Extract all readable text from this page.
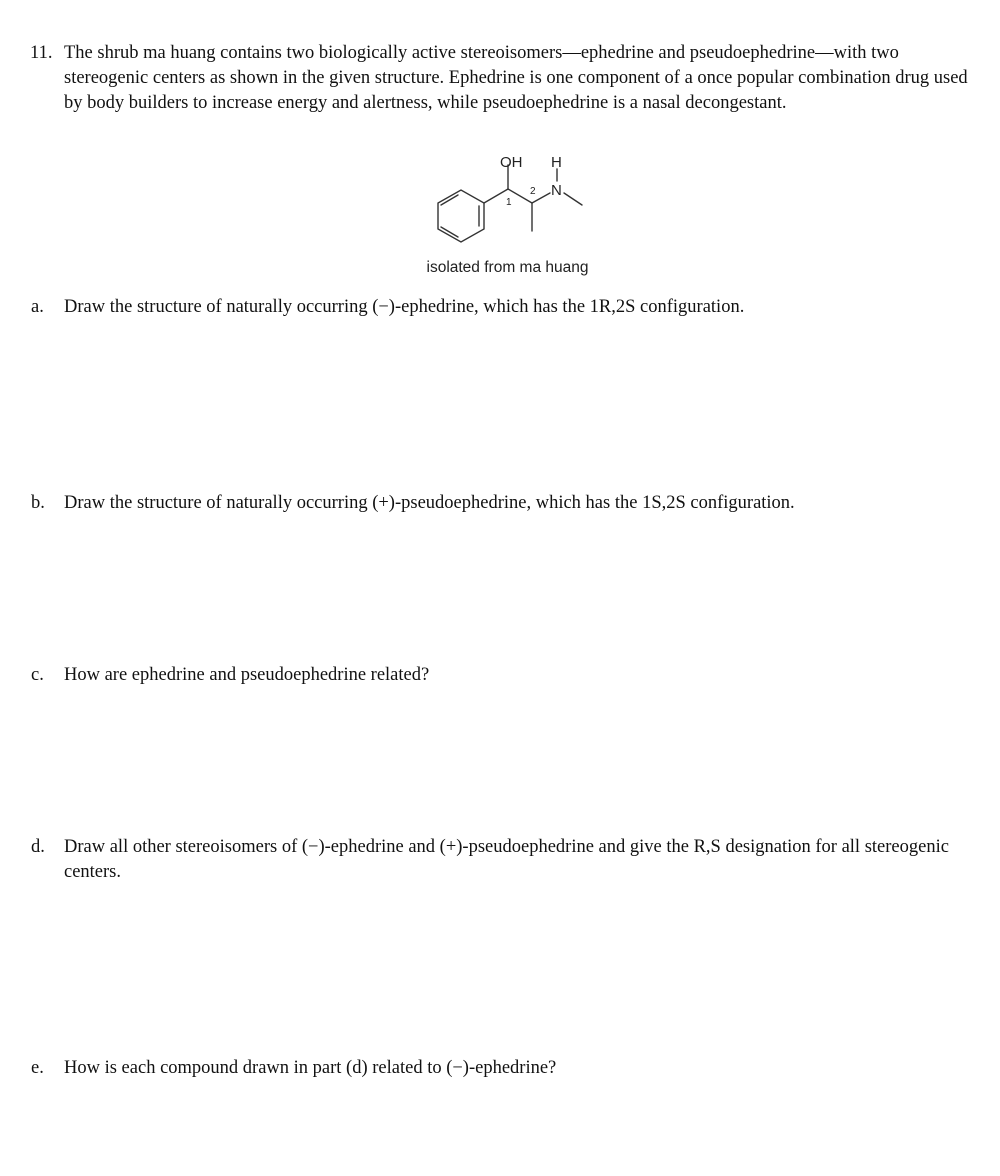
11. The shrub ma huang contains two biologically active stereoisomers—ephedrine and pseudoephedrine—with two stereogenic centers as shown in the given structure. Ephedrine is one component of a once popular combination drug used by body builders to increase energy and alertness, while pseudoephedrine is a nasal decongestant.
OH H
N
1
2
isolated from ma huang
a. Draw the structure of naturally occurring (−)-ephedrine, which has the 1R,2S configuration.
b. Draw the structure of naturally occurring (+)-pseudoephedrine, which has the 1S,2S configuration.
c. How are ephedrine and pseudoephedrine related?
d. Draw all other stereoisomers of (−)-ephedrine and (+)-pseudoephedrine and give the R,S designation for all stereogenic centers.
e. How is each compound drawn in part (d) related to (−)-ephedrine?
